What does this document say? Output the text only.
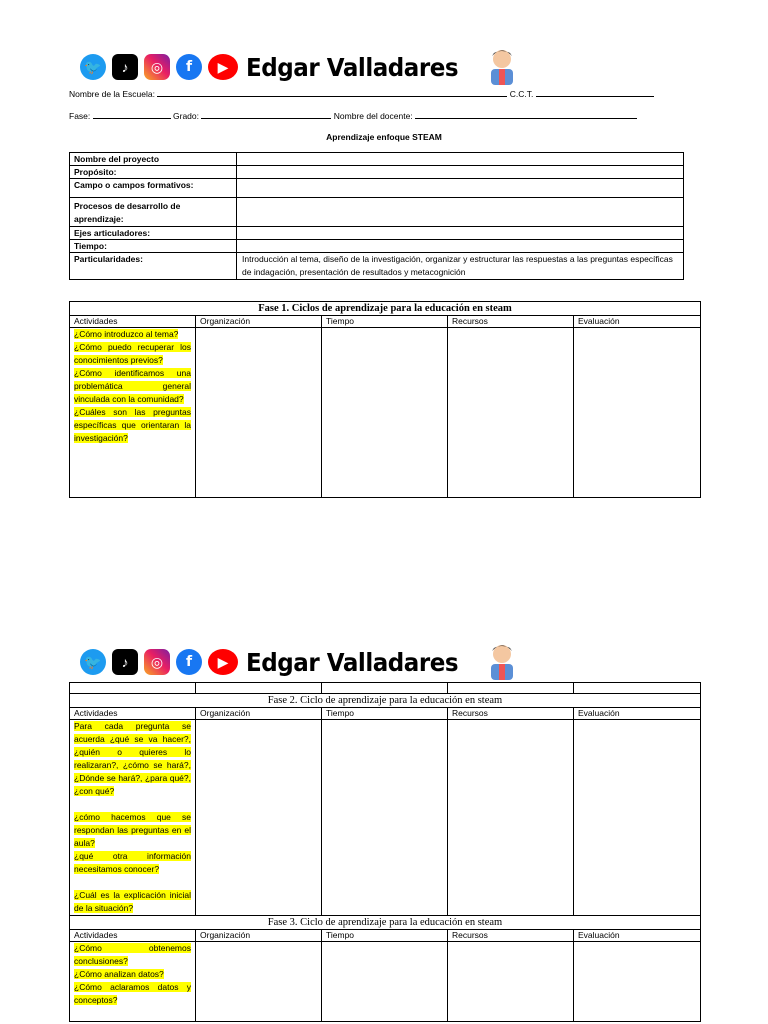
🐦	♪	◎	f	▶ Edgar Valladares
Nombre de la Escuela:	C.C.T.
Fase:	Grado:	Nombre del docente:
Aprendizaje enfoque STEAM
Nombre del proyecto	
Propósito:	
Campo o campos formativos:	
Procesos de desarrollo de aprendizaje:	
Ejes articuladores:	
Tiempo:	
Particularidades:	Introducción al tema, diseño de la investigación, organizar y estructurar las respuestas a las preguntas específicas de indagación, presentación de resultados y metacognición
Fase 1. Ciclos de aprendizaje para la educación en steam				
Actividades	Organización	Tiempo	Recursos	Evaluación

¿Cómo introduzco al tema?
¿Cómo puedo recuperar los conocimientos previos?
¿Cómo identificamos una problemática general vinculada con la comunidad?
¿Cuáles son las preguntas específicas que orientaran la investigación?				

🐦	♪	◎	f	▶ Edgar Valladares

Fase 2. Ciclo de aprendizaje para la educación en steam				
Actividades	Organización	Tiempo	Recursos	Evaluación

Para cada pregunta se acuerda ¿qué se va hacer?, ¿quién o quieres lo realizaran?, ¿cómo se hará?,¿Dónde se hará?, ¿para qué?, ¿con qué?
¿cómo hacemos que se respondan las preguntas en el aula?
¿qué otra información necesitamos conocer?
¿Cuál es la explicación inicial de la situación?				

Fase 3. Ciclo de aprendizaje para la educación en steam				
Actividades	Organización	Tiempo	Recursos	Evaluación

¿Cómo obtenemos conclusiones?
¿Cómo analizan datos?
¿Cómo aclaramos datos y conceptos?				
